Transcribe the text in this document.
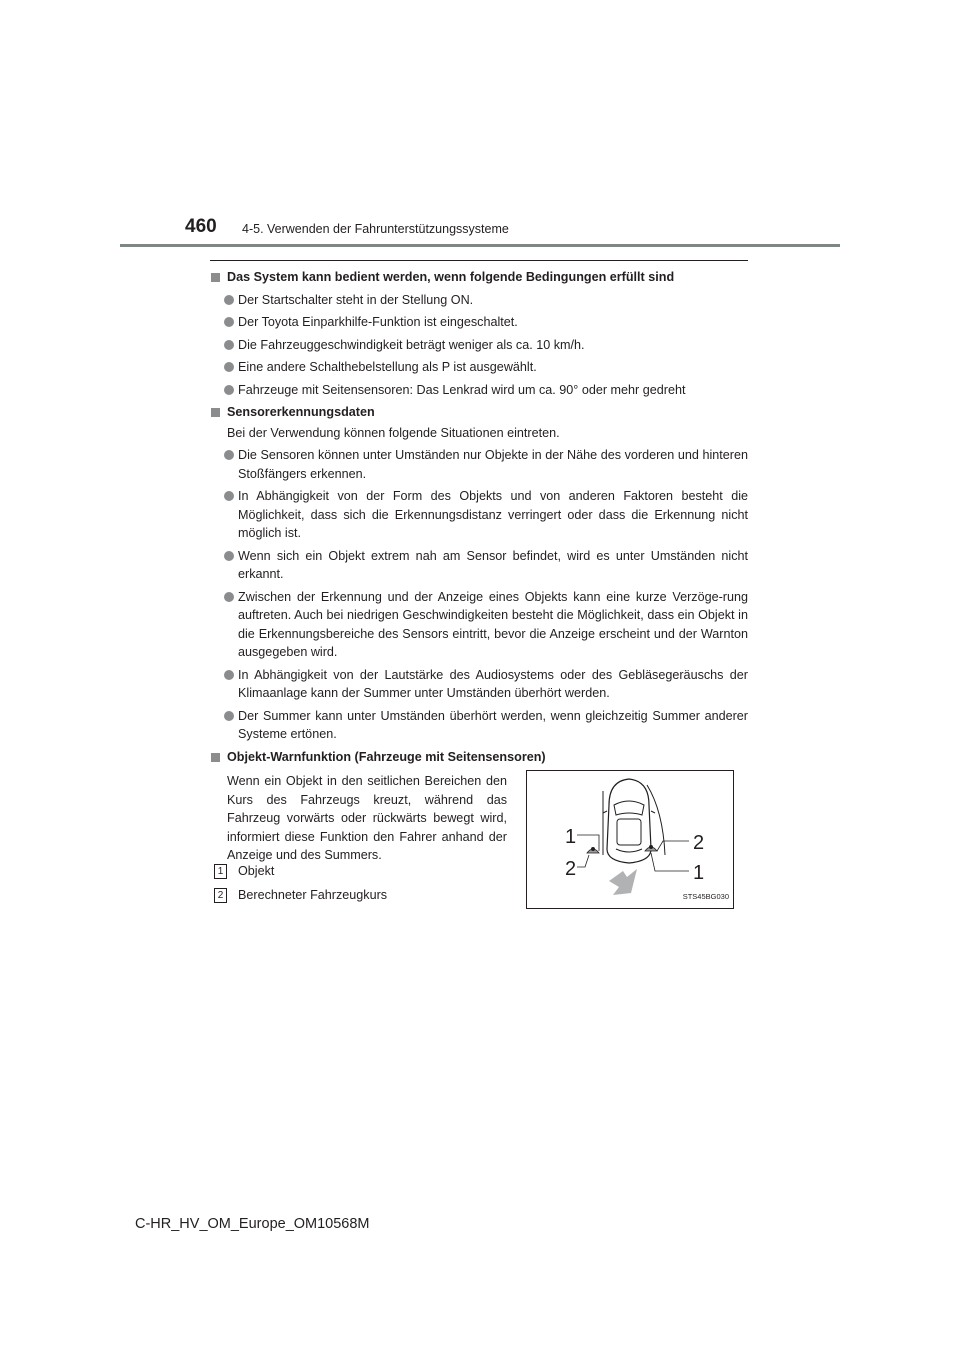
460 4-5. Verwenden der Fahrunterstützungssysteme
Das System kann bedient werden, wenn folgende Bedingungen erfüllt sind
Der Startschalter steht in der Stellung ON.
Der Toyota Einparkhilfe-Funktion ist eingeschaltet.
Die Fahrzeuggeschwindigkeit beträgt weniger als ca. 10 km/h.
Eine andere Schalthebelstellung als P ist ausgewählt.
Fahrzeuge mit Seitensensoren: Das Lenkrad wird um ca. 90° oder mehr gedreht
Sensorerkennungsdaten
Bei der Verwendung können folgende Situationen eintreten.
Die Sensoren können unter Umständen nur Objekte in der Nähe des vorderen und hinteren Stoßfängers erkennen.
In Abhängigkeit von der Form des Objekts und von anderen Faktoren besteht die Möglichkeit, dass sich die Erkennungsdistanz verringert oder dass die Erkennung nicht möglich ist.
Wenn sich ein Objekt extrem nah am Sensor befindet, wird es unter Umständen nicht erkannt.
Zwischen der Erkennung und der Anzeige eines Objekts kann eine kurze Verzöge-rung auftreten. Auch bei niedrigen Geschwindigkeiten besteht die Möglichkeit, dass ein Objekt in die Erkennungsbereiche des Sensors eintritt, bevor die Anzeige erscheint und der Warnton ausgegeben wird.
In Abhängigkeit von der Lautstärke des Audiosystems oder des Gebläsegeräuschs der Klimaanlage kann der Summer unter Umständen überhört werden.
Der Summer kann unter Umständen überhört werden, wenn gleichzeitig Summer anderer Systeme ertönen.
Objekt-Warnfunktion (Fahrzeuge mit Seitensensoren)
Wenn ein Objekt in den seitlichen Bereichen den Kurs des Fahrzeugs kreuzt, während das Fahrzeug vorwärts oder rückwärts bewegt wird, informiert diese Funktion den Fahrer anhand der Anzeige und des Summers.
1 Objekt
2 Berechneter Fahrzeugkurs
1
2	1
2
STS45BG030
C-HR_HV_OM_Europe_OM10568M
